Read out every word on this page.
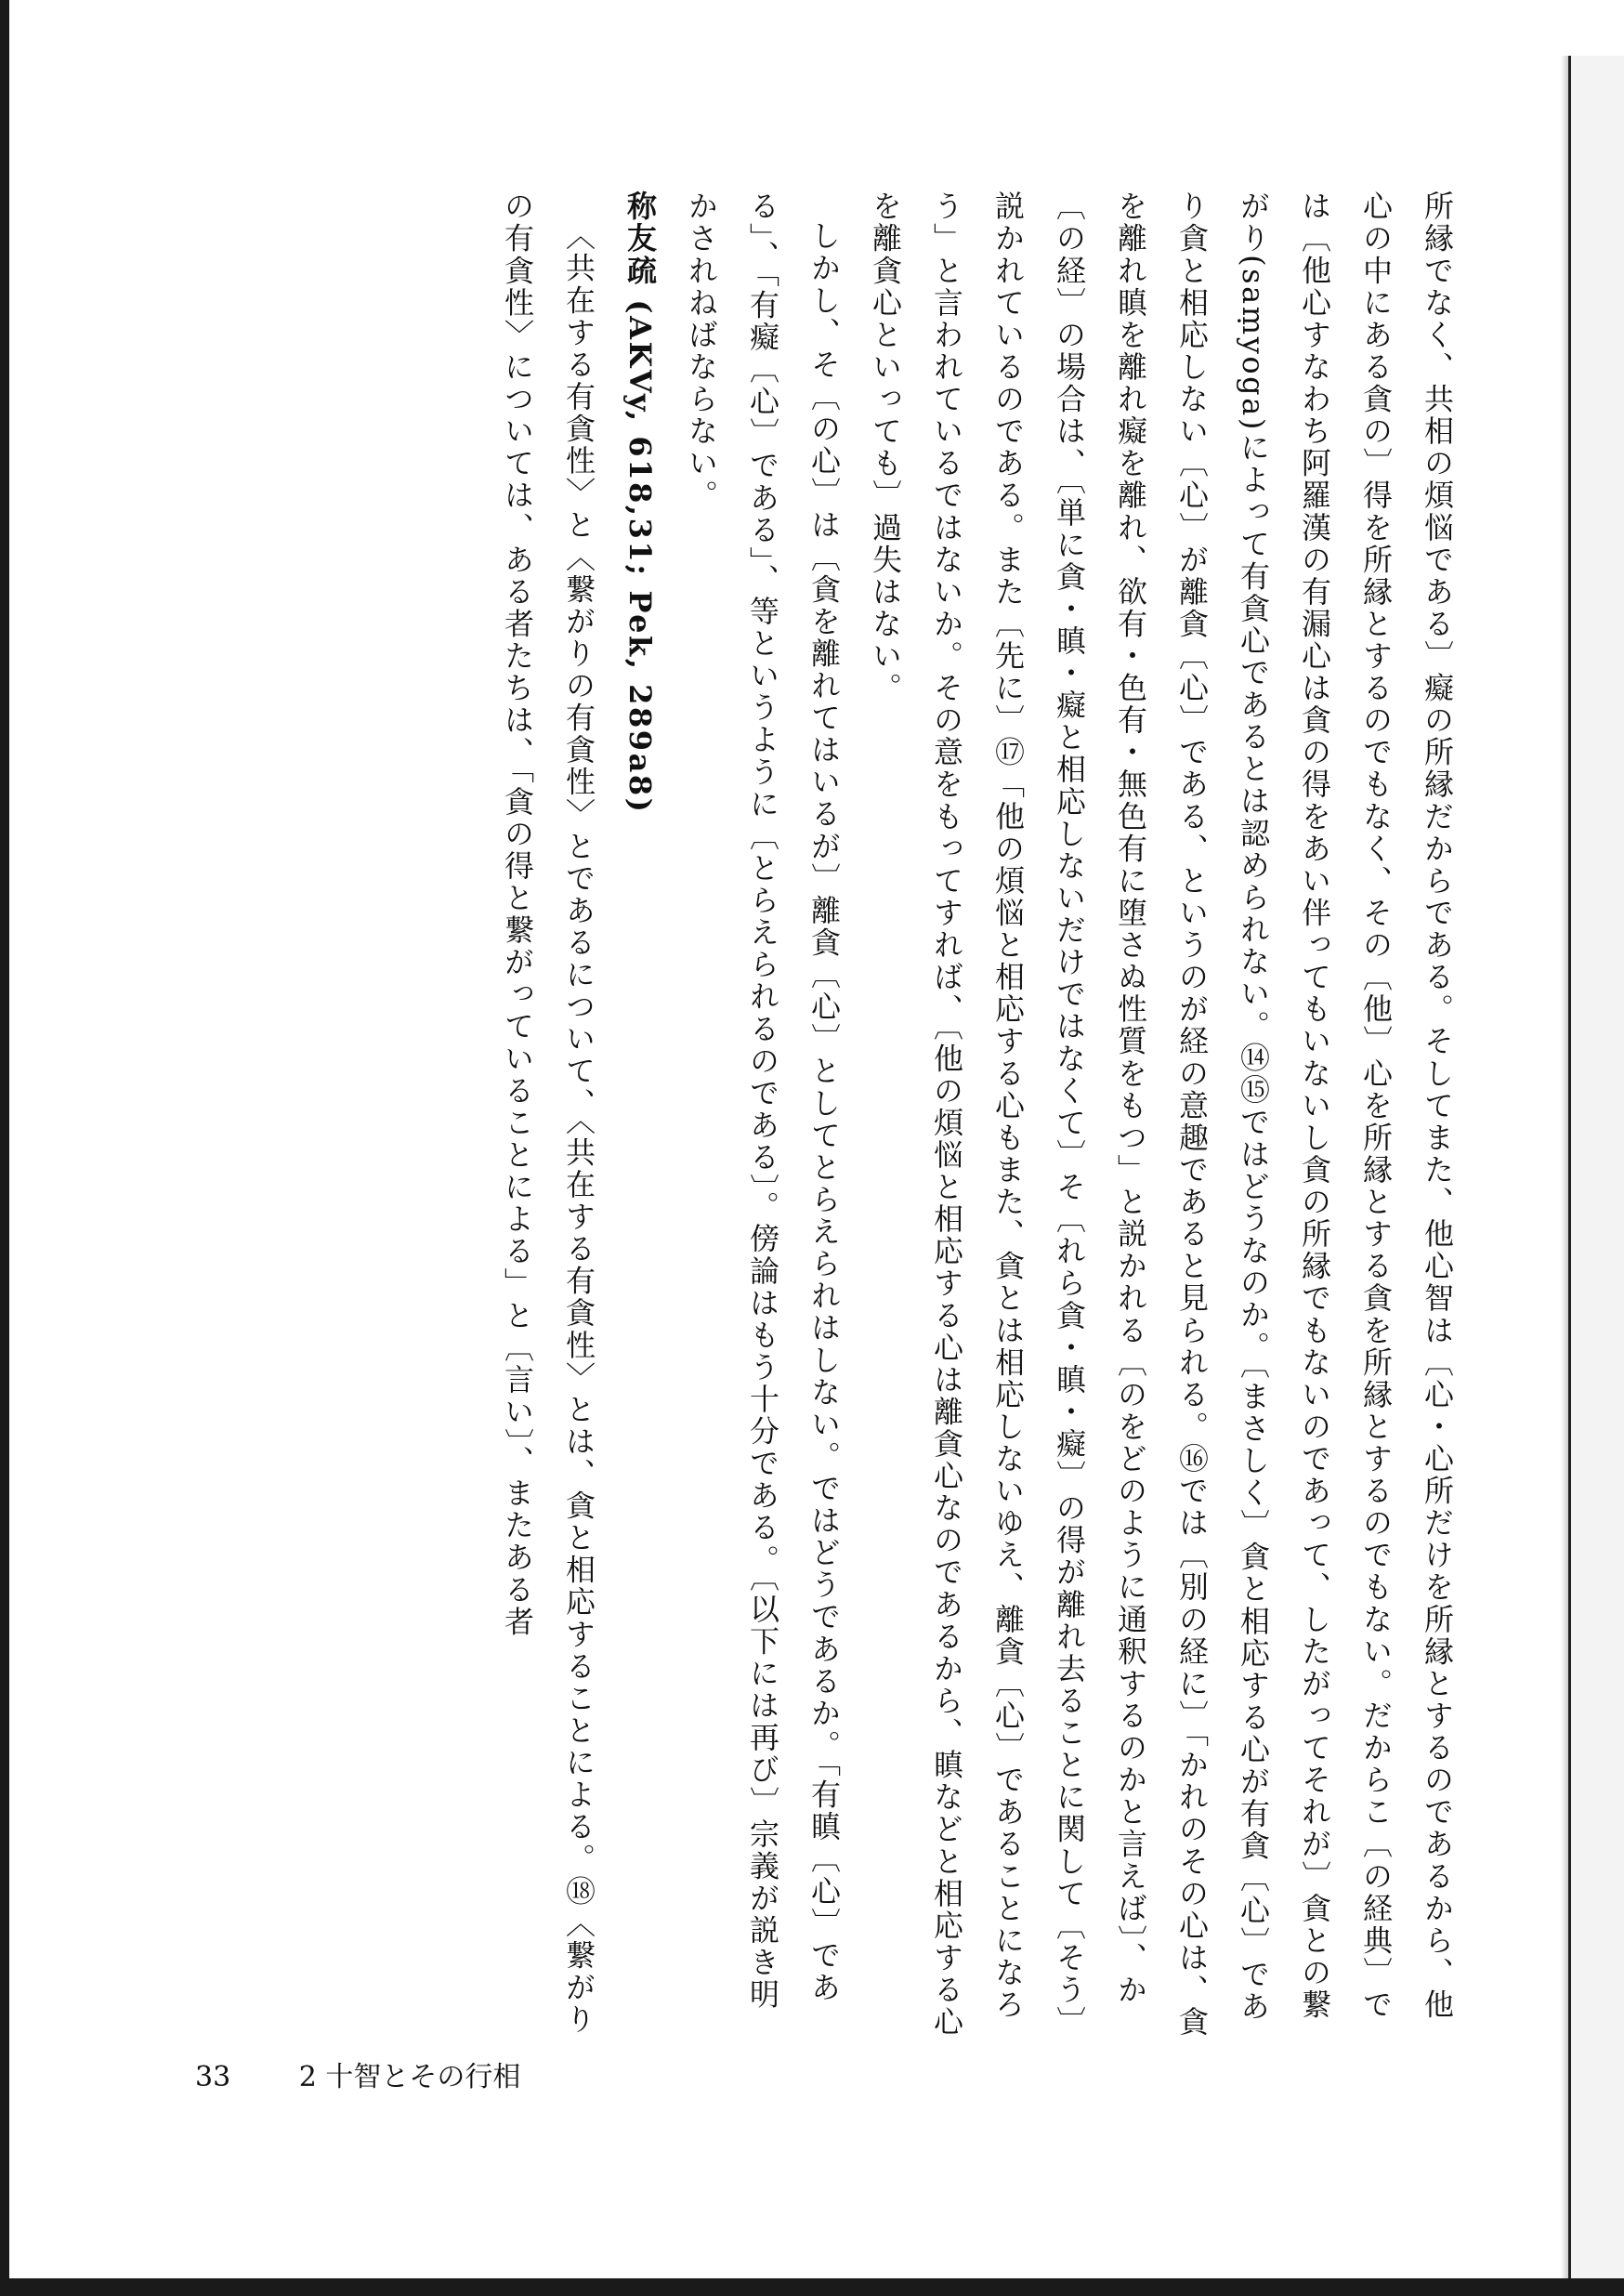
所縁でなく、共相の煩悩である〕癡の所縁だからである。そしてまた、他心智は〔心・心所だけを所縁とするのであるから、他心の中にある貪の〕得を所縁とするのでもなく、その〔他〕心を所縁とする貪を所縁とするのでもない。だからこ〔の経典〕では〔他心すなわち阿羅漢の有漏心は貪の得をあい伴ってもいないし貪の所縁でもないのであって、したがってそれが〕貪との繋がり(saṃyoga)によって有貪心であるとは認められない。⑭⑮ではどうなのか。〔まさしく〕貪と相応する心が有貪〔心〕であり貪と相応しない〔心〕が離貪〔心〕である、というのが経の意趣であると見られる。⑯では〔別の経に〕「かれのその心は、貪を離れ瞋を離れ癡を離れ、欲有・色有・無色有に堕さぬ性質をもつ」と説かれる〔のをどのように通釈するのかと言えば〕、か〔の経〕の場合は、〔単に貪・瞋・癡と相応しないだけではなくて〕そ〔れら貪・瞋・癡〕の得が離れ去ることに関して〔そう〕説かれているのである。また〔先に〕⑰「他の煩悩と相応する心もまた、貪とは相応しないゆえ、離貪〔心〕であることになろう」と言われているではないか。その意をもってすれば、〔他の煩悩と相応する心は離貪心なのであるから、瞋などと相応する心を離貪心といっても〕過失はない。

しかし、そ〔の心〕は〔貪を離れてはいるが〕離貪〔心〕としてとらえられはしない。ではどうであるか。「有瞋〔心〕である」、「有癡〔心〕である」、等というように〔とらえられるのである〕。傍論はもう十分である。〔以下には再び〕宗義が説き明かされねばならない。

称友疏 (AKVy, 618,31; Pek, 289a8)

〈共在する有貪性〉と〈繋がりの有貪性〉とであるについて、〈共在する有貪性〉とは、貪と相応することによる。⑱〈繋がりの有貪性〉については、ある者たちは、「貪の得と繋がっていることによる」と〔言い〕、またある者

33 2 十智とその行相
